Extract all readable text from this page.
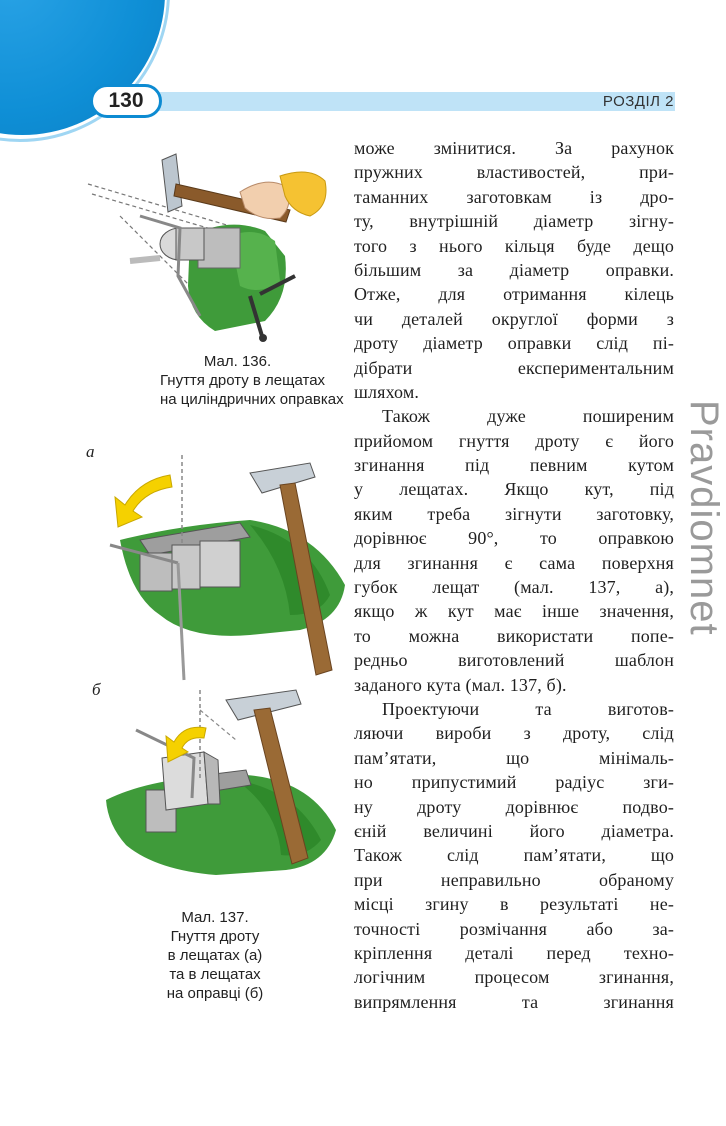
130	РОЗДІЛ 2
Мал. 136.
Гнуття дроту в лещатах
на циліндричних оправках
а
б
Мал. 137.
Гнуття дроту
в лещатах (а)
та в лещатах
на оправці (б)
може змінитися. За рахунок
пружних властивостей, при-
таманних заготовкам із дро-
ту, внутрішній діаметр зігну-
того з нього кільця буде дещо
більшим за діаметр оправки.
Отже, для отримання кілець
чи деталей округлої форми з
дроту діаметр оправки слід пі-
дібрати експериментальним
шляхом.
Також дуже поширеним
прийомом гнуття дроту є його
згинання під певним кутом
у лещатах. Якщо кут, під
яким треба зігнути заготовку,
дорівнює 90°, то оправкою
для згинання є сама поверхня
губок лещат (мал. 137, а),
якщо ж кут має інше значення,
то можна використати попе-
редньо виготовлений шаблон
заданого кута (мал. 137, б).
Проектуючи та виготов-
ляючи вироби з дроту, слід
пам’ятати, що мінімаль-
но припустимий радіус зги-
ну дроту дорівнює подво-
єній величині його діаметра.
Також слід пам’ятати, що
при неправильно обраному
місці згину в результаті не-
точності розмічання або за-
кріплення деталі перед техно-
логічним процесом згинання,
випрямлення та згинання
Pravdiomnet
